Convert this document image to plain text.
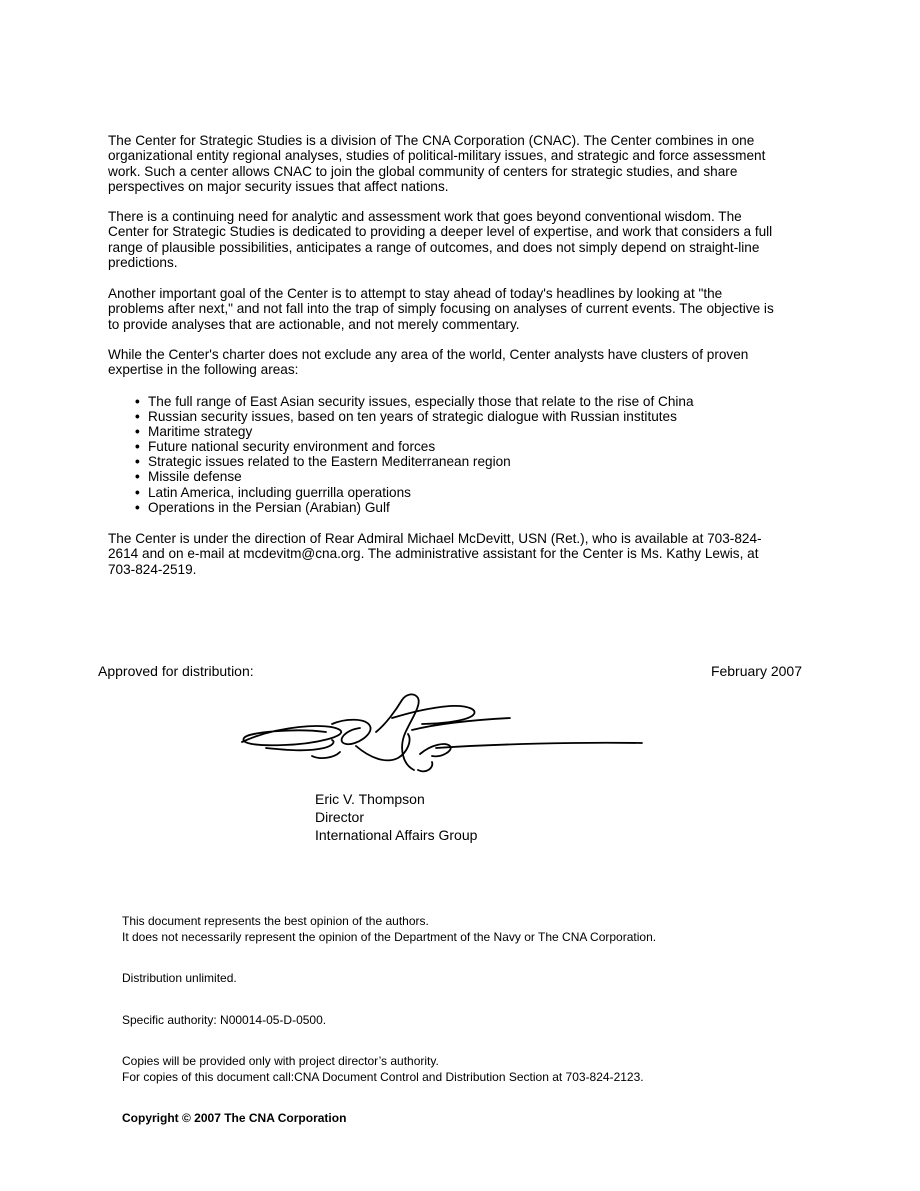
The Center for Strategic Studies is a division of The CNA Corporation (CNAC). The Center combines in one organizational entity regional analyses, studies of political-military issues, and strategic and force assessment work. Such a center allows CNAC to join the global community of centers for strategic studies, and share perspectives on major security issues that affect nations.

There is a continuing need for analytic and assessment work that goes beyond conventional wisdom. The Center for Strategic Studies is dedicated to providing a deeper level of expertise, and work that considers a full range of plausible possibilities, anticipates a range of outcomes, and does not simply depend on straight-line predictions.

Another important goal of the Center is to attempt to stay ahead of today's headlines by looking at "the problems after next," and not fall into the trap of simply focusing on analyses of current events. The objective is to provide analyses that are actionable, and not merely commentary.

While the Center's charter does not exclude any area of the world, Center analysts have clusters of proven expertise in the following areas:

• The full range of East Asian security issues, especially those that relate to the rise of China
• Russian security issues, based on ten years of strategic dialogue with Russian institutes
• Maritime strategy
• Future national security environment and forces
• Strategic issues related to the Eastern Mediterranean region
• Missile defense
• Latin America, including guerrilla operations
• Operations in the Persian (Arabian) Gulf

The Center is under the direction of Rear Admiral Michael McDevitt, USN (Ret.), who is available at 703-824-2614 and on e-mail at mcdevitm@cna.org. The administrative assistant for the Center is Ms. Kathy Lewis, at 703-824-2519.

Approved for distribution:	February 2007
Eric V. Thompson
Director
International Affairs Group

This document represents the best opinion of the authors.

It does not necessarily represent the opinion of the Department of the Navy or The CNA Corporation.

Distribution unlimited.

Specific authority: N00014-05-D-0500.

Copies will be provided only with project director’s authority.

For copies of this document call:CNA Document Control and Distribution Section at 703-824-2123.

Copyright © 2007 The CNA Corporation
